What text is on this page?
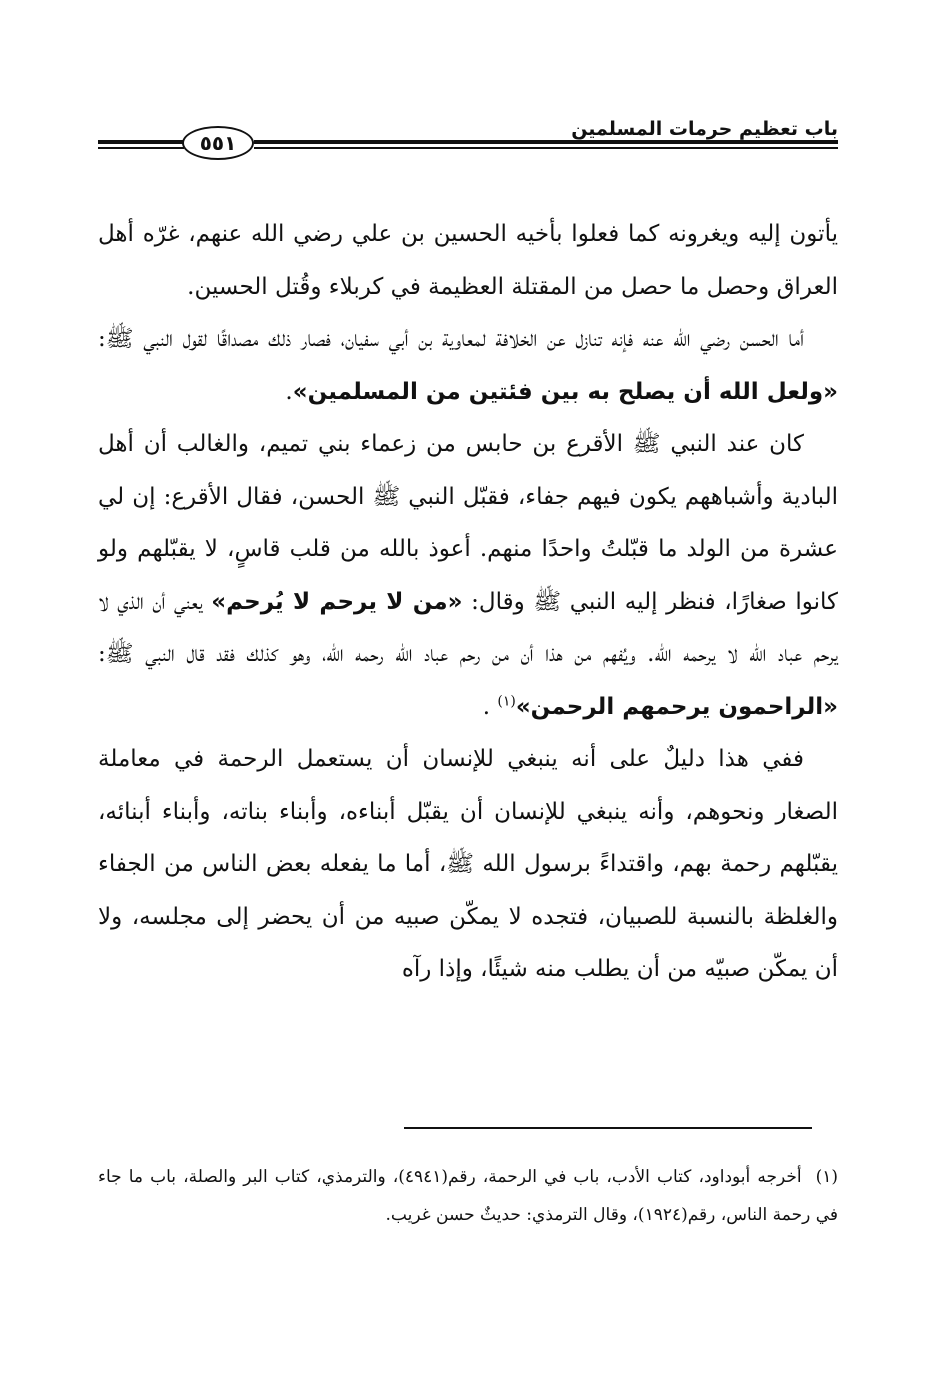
٥٥١
باب تعظيم حرمات المسلمين

يأتون إليه ويغرونه كما فعلوا بأخيه الحسين بن علي رضي الله عنهم، غرّه أهل العراق وحصل ما حصل من المقتلة العظيمة في كربلاء وقُتل الحسين.

أما الحسن رضي الله عنه فإنه تنازل عن الخلافة لمعاوية بن أبي سفيان، فصار ذلك مصداقًا لقول النبي ﷺ: «ولعل الله أن يصلح به بين فئتين من المسلمين».

كان عند النبي ﷺ الأقرع بن حابس من زعماء بني تميم، والغالب أن أهل البادية وأشباههم يكون فيهم جفاء، فقبّل النبي ﷺ الحسن، فقال الأقرع: إن لي عشرة من الولد ما قبّلتُ واحدًا منهم. أعوذ بالله من قلب قاسٍ، لا يقبّلهم ولو كانوا صغارًا، فنظر إليه النبي ﷺ وقال: «من لا يرحم لا يُرحم» يعني أن الذي لا يرحم عباد الله لا يرحمه الله. ويُفهم من هذا أن من رحم عباد الله رحمه الله، وهو كذلك فقد قال النبي ﷺ: «الراحمون يرحمهم الرحمن»$^{(١)}$ .

ففي هذا دليلٌ على أنه ينبغي للإنسان أن يستعمل الرحمة في معاملة الصغار ونحوهم، وأنه ينبغي للإنسان أن يقبّل أبناءه، وأبناء بناته، وأبناء أبنائه، يقبّلهم رحمة بهم، واقتداءً برسول الله ﷺ، أما ما يفعله بعض الناس من الجفاء والغلظة بالنسبة للصبيان، فتجده لا يمكّن صبيه من أن يحضر إلى مجلسه، ولا أن يمكّن صبيّه من أن يطلب منه شيئًا، وإذا رآه

(١)أخرجه أبوداود، كتاب الأدب، باب في الرحمة، رقم(٤٩٤١)، والترمذي، كتاب البر والصلة، باب ما جاء في رحمة الناس، رقم(١٩٢٤)، وقال الترمذي: حديثٌ حسن غريب.
